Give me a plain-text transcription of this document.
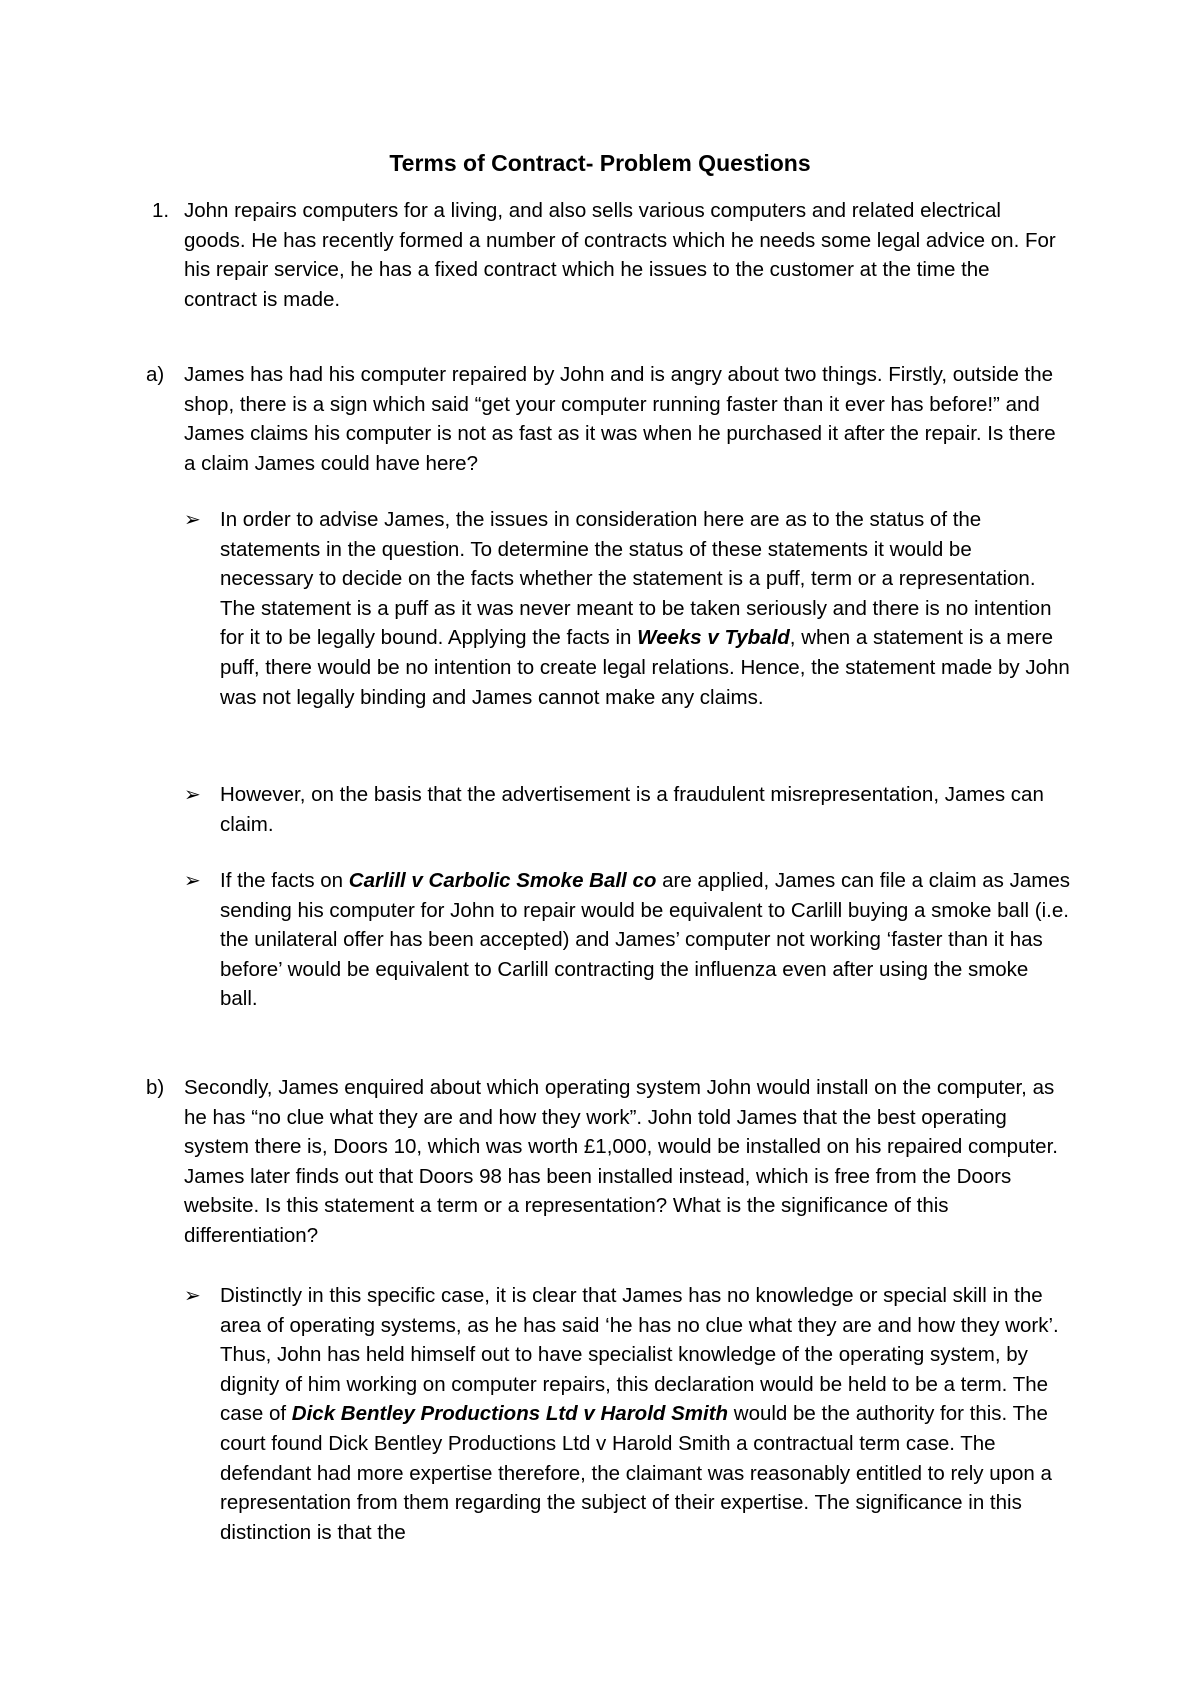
Terms of Contract- Problem Questions
1. John repairs computers for a living, and also sells various computers and related electrical goods. He has recently formed a number of contracts which he needs some legal advice on. For his repair service, he has a fixed contract which he issues to the customer at the time the contract is made.
a) James has had his computer repaired by John and is angry about two things. Firstly, outside the shop, there is a sign which said “get your computer running faster than it ever has before!” and James claims his computer is not as fast as it was when he purchased it after the repair. Is there a claim James could have here?
➢ In order to advise James, the issues in consideration here are as to the status of the statements in the question. To determine the status of these statements it would be necessary to decide on the facts whether the statement is a puff, term or a representation. The statement is a puff as it was never meant to be taken seriously and there is no intention for it to be legally bound. Applying the facts in Weeks v Tybald, when a statement is a mere puff, there would be no intention to create legal relations. Hence, the statement made by John was not legally binding and James cannot make any claims.
➢ However, on the basis that the advertisement is a fraudulent misrepresentation, James can claim.
➢ If the facts on Carlill v Carbolic Smoke Ball co are applied, James can file a claim as James sending his computer for John to repair would be equivalent to Carlill buying a smoke ball (i.e. the unilateral offer has been accepted) and James’ computer not working ‘faster than it has before’ would be equivalent to Carlill contracting the influenza even after using the smoke ball.
b) Secondly, James enquired about which operating system John would install on the computer, as he has “no clue what they are and how they work”. John told James that the best operating system there is, Doors 10, which was worth £1,000, would be installed on his repaired computer. James later finds out that Doors 98 has been installed instead, which is free from the Doors website. Is this statement a term or a representation? What is the significance of this differentiation?
➢ Distinctly in this specific case, it is clear that James has no knowledge or special skill in the area of operating systems, as he has said ‘he has no clue what they are and how they work’. Thus, John has held himself out to have specialist knowledge of the operating system, by dignity of him working on computer repairs, this declaration would be held to be a term. The case of Dick Bentley Productions Ltd v Harold Smith would be the authority for this. The court found Dick Bentley Productions Ltd v Harold Smith a contractual term case. The defendant had more expertise therefore, the claimant was reasonably entitled to rely upon a representation from them regarding the subject of their expertise. The significance in this distinction is that the
